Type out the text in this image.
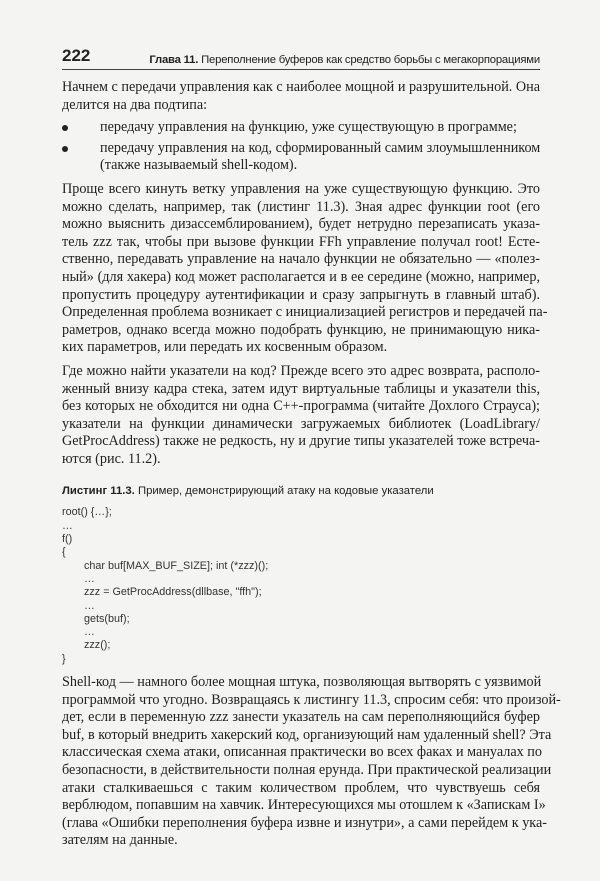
222	Глава 11. Переполнение буферов как средство борьбы с мегакорпорациями
Начнем с передачи управления как с наиболее мощной и разрушительной. Она
делится на два подтипа:
передачу управления на функцию, уже существующую в программе;
передачу управления на код, сформированный самим злоумышленником
(также называемый shell-кодом).
Проще всего кинуть ветку управления на уже существующую функцию. Это
можно сделать, например, так (листинг 11.3). Зная адрес функции root (его
можно выяснить дизассемблированием), будет нетрудно перезаписать указа-
тель zzz так, чтобы при вызове функции FFh управление получал root! Есте-
ственно, передавать управление на начало функции не обязательно — «полез-
ный» (для хакера) код может располагается и в ее середине (можно, например,
пропустить процедуру аутентификации и сразу запрыгнуть в главный штаб).
Определенная проблема возникает с инициализацией регистров и передачей па-
раметров, однако всегда можно подобрать функцию, не принимающую ника-
ких параметров, или передать их косвенным образом.
Где можно найти указатели на код? Прежде всего это адрес возврата, располо-
женный внизу кадра стека, затем идут виртуальные таблицы и указатели this,
без которых не обходится ни одна C++-программа (читайте Дохлого Страуса);
указатели на функции динамически загружаемых библиотек (LoadLibrary/
GetProcAddress) также не редкость, ну и другие типы указателей тоже встреча-
ются (рис. 11.2).
Листинг 11.3. Пример, демонстрирующий атаку на кодовые указатели
root() {…};
…
f()
{
char buf[MAX_BUF_SIZE]; int (*zzz)();
…
zzz = GetProcAddress(dllbase, "ffh");
…
gets(buf);
…
zzz();
}
Shell-код — намного более мощная штука, позволяющая вытворять с уязвимой
программой что угодно. Возвращаясь к листингу 11.3, спросим себя: что произой-
дет, если в переменную zzz занести указатель на сам переполняющийся буфер
buf, в который внедрить хакерский код, организующий нам удаленный shell? Эта
классическая схема атаки, описанная практически во всех факах и мануалах по
безопасности, в действительности полная ерунда. При практической реализации
атаки сталкиваешься с таким количеством проблем, что чувствуешь себя
верблюдом, попавшим на хавчик. Интересующихся мы отошлем к «Запискам I»
(глава «Ошибки переполнения буфера извне и изнутри», а сами перейдем к ука-
зателям на данные.
